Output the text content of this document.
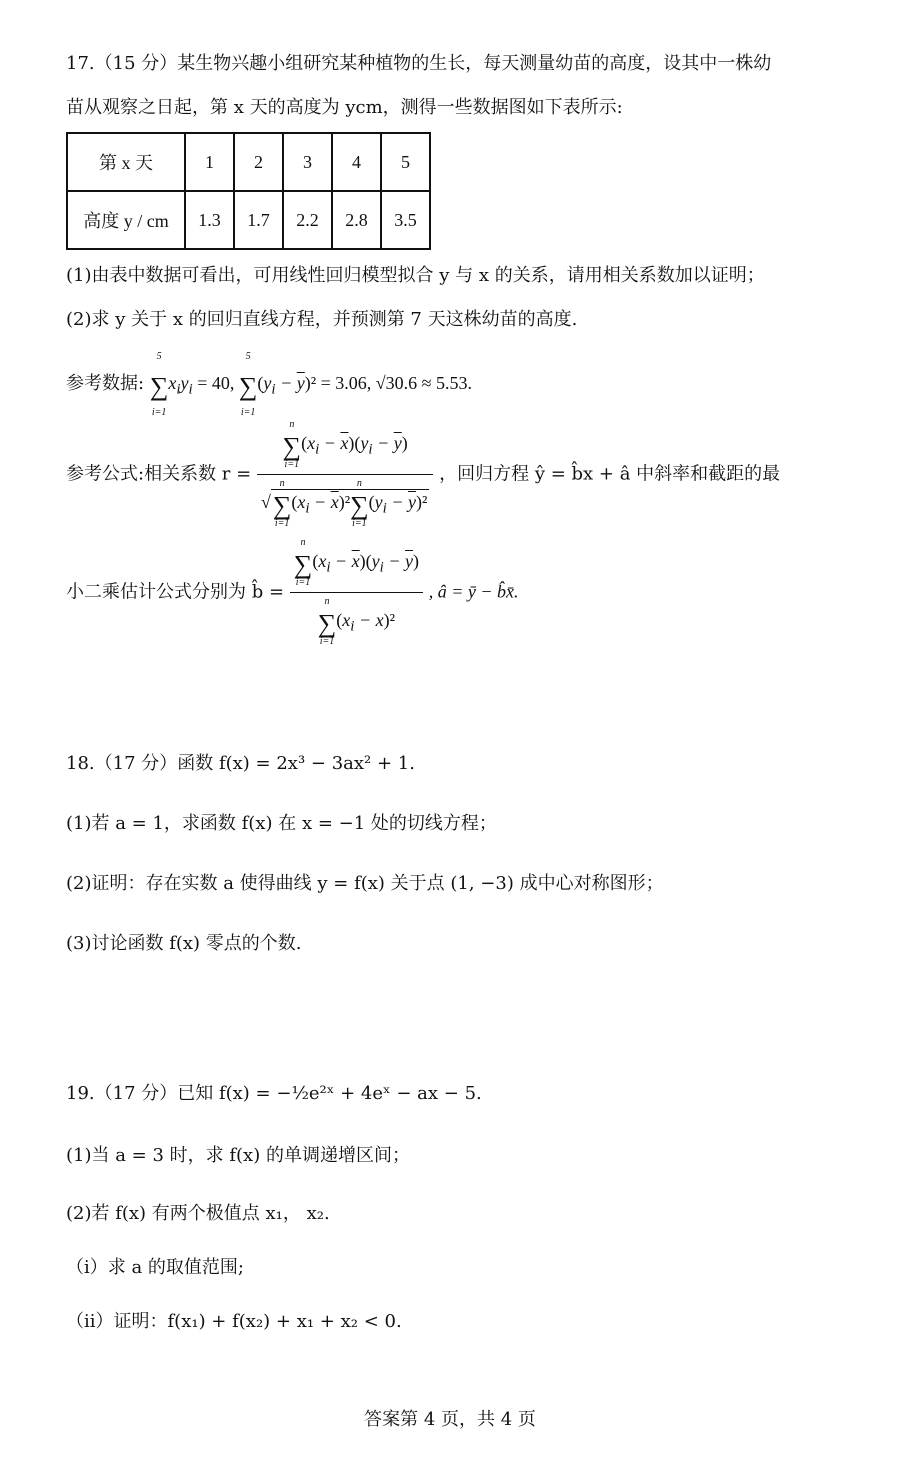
17.（15 分）某生物兴趣小组研究某种植物的生长，每天测量幼苗的高度，设其中一株幼
苗从观察之日起，第 x 天的高度为 ycm，测得一些数据图如下表所示:
第 x 天	1	2	3	4	5
高度 y / cm	1.3	1.7	2.2	2.8	3.5
(1)由表中数据可看出，可用线性回归模型拟合 y 与 x 的关系，请用相关系数加以证明；
(2)求 y 关于 x 的回归直线方程，并预测第 7 天这株幼苗的高度.
参考数据:
5
∑
i=1
$x_iy_i = 40$,
5
∑
i=1
$(y_i - \overline{y})^2 = 3.06$, √30.6 ≈ 5.53.
参考公式:相关系数 r = n
∑
i=1
$(x_i - \overline{x})(y_i - \overline{y})$
√
n
∑
i=1
$(x_i - \overline{x})^2$
n
∑
i=1
$(y_i - \overline{y})^2$ ，回归方程 ŷ = b̂x + â 中斜率和截距的最
小二乘估计公式分别为 b̂ = n
∑
i=1
$(x_i - \overline{x})(y_i - \overline{y})$
n
∑
i=1
$(x_i - x)^2$ , â = ȳ − b̂x̄.
18.（17 分）函数 f(x) = 2x³ − 3ax² + 1.
(1)若 a = 1，求函数 f(x) 在 x = −1 处的切线方程；
(2)证明：存在实数 a 使得曲线 y = f(x) 关于点 (1, −3) 成中心对称图形；
(3)讨论函数 f(x) 零点的个数.
19.（17 分）已知 f(x) = −½e²ˣ + 4eˣ − ax − 5.
(1)当 a = 3 时，求 f(x) 的单调递增区间；
(2)若 f(x) 有两个极值点 x₁， x₂.
（i）求 a 的取值范围;
（ii）证明：f(x₁) + f(x₂) + x₁ + x₂ < 0.
答案第 4 页，共 4 页
